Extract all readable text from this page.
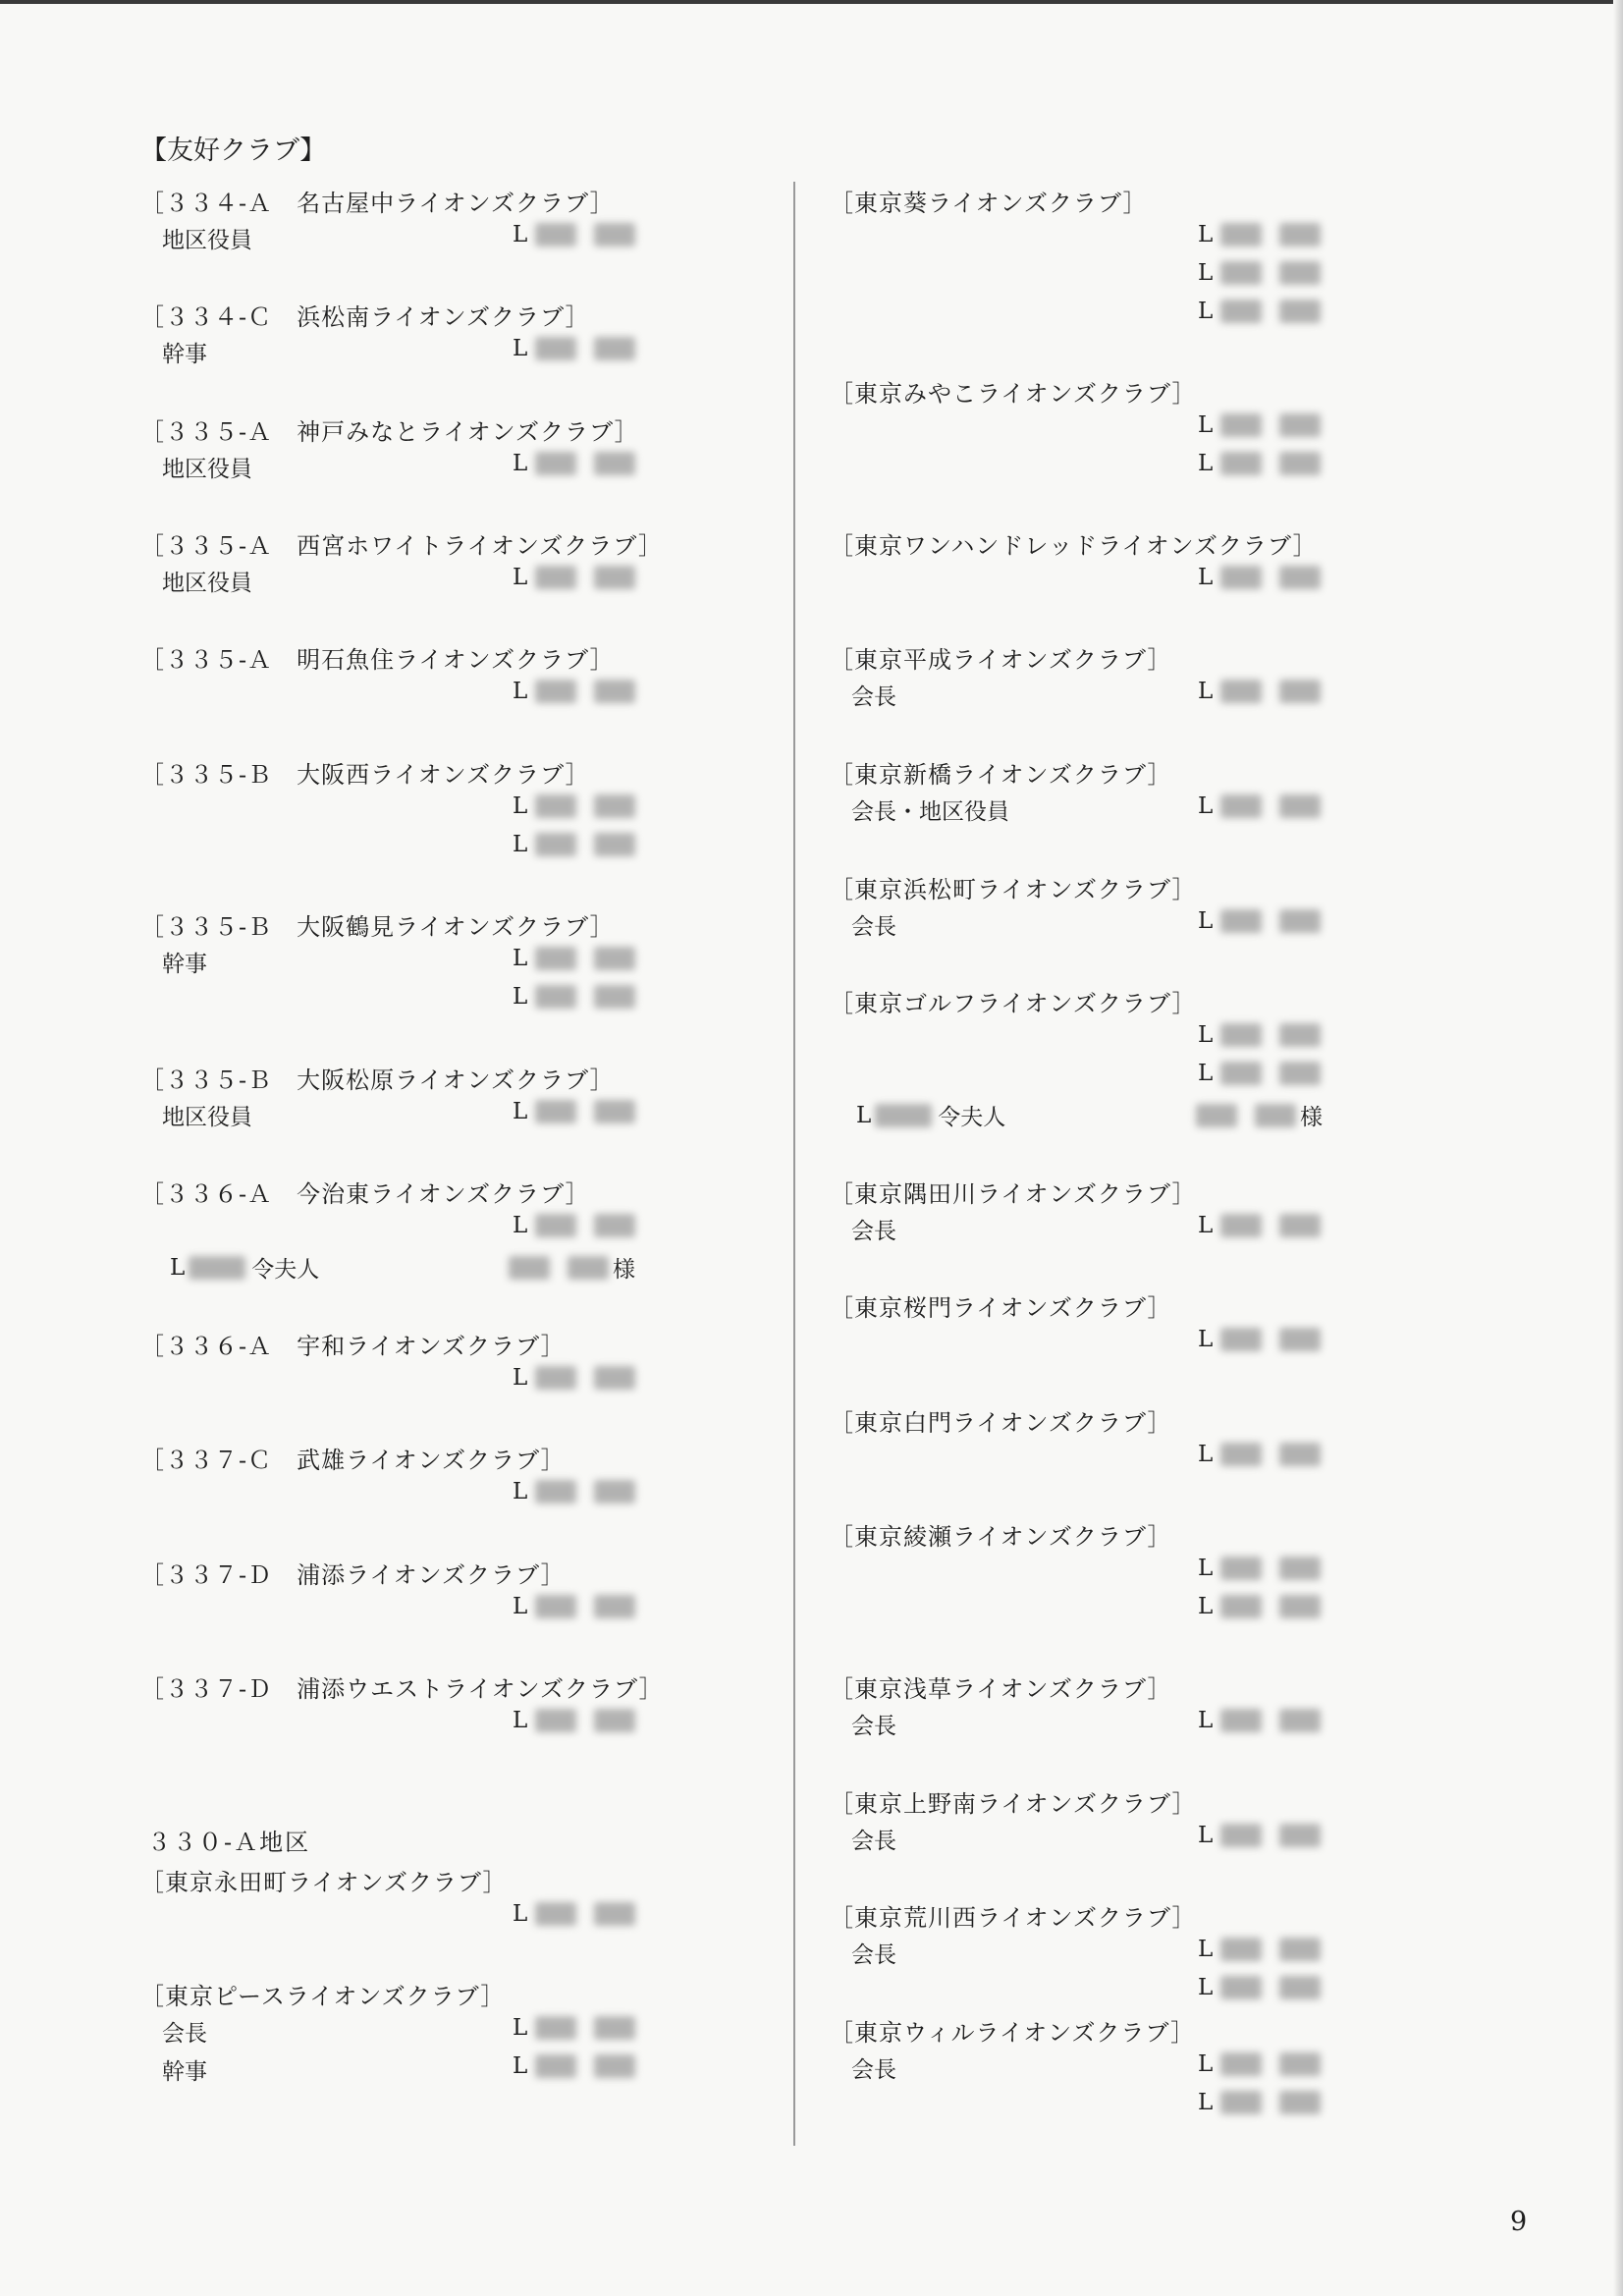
【友好クラブ】
［３３４-Ａ　名古屋中ライオンズクラブ］
地区役員	L
［３３４-Ｃ　浜松南ライオンズクラブ］
幹事	L
［３３５-Ａ　神戸みなとライオンズクラブ］
地区役員	L
［３３５-Ａ　西宮ホワイトライオンズクラブ］
地区役員	L
［３３５-Ａ　明石魚住ライオンズクラブ］
L
［３３５-Ｂ　大阪西ライオンズクラブ］
L
L
［３３５-Ｂ　大阪鶴見ライオンズクラブ］
幹事	L
L
［３３５-Ｂ　大阪松原ライオンズクラブ］
地区役員	L
［３３６-Ａ　今治東ライオンズクラブ］
L
L	令夫人	様
［３３６-Ａ　宇和ライオンズクラブ］
L
［３３７-Ｃ　武雄ライオンズクラブ］
L
［３３７-Ｄ　浦添ライオンズクラブ］
L
［３３７-Ｄ　浦添ウエストライオンズクラブ］
L
［東京永田町ライオンズクラブ］
L
［東京ピースライオンズクラブ］
会長	L
幹事	L
［東京葵ライオンズクラブ］
L
L
L
［東京みやこライオンズクラブ］
L
L
［東京ワンハンドレッドライオンズクラブ］
L
［東京平成ライオンズクラブ］
会長	L
［東京新橋ライオンズクラブ］
会長・地区役員	L
［東京浜松町ライオンズクラブ］
会長	L
［東京ゴルフライオンズクラブ］
L
L
L	令夫人	様
［東京隅田川ライオンズクラブ］
会長	L
［東京桜門ライオンズクラブ］
L
［東京白門ライオンズクラブ］
L
［東京綾瀬ライオンズクラブ］
L
L
［東京浅草ライオンズクラブ］
会長	L
［東京上野南ライオンズクラブ］
会長	L
［東京荒川西ライオンズクラブ］
会長	L
L
［東京ウィルライオンズクラブ］
会長	L
L
３３０-Ａ地区
9
